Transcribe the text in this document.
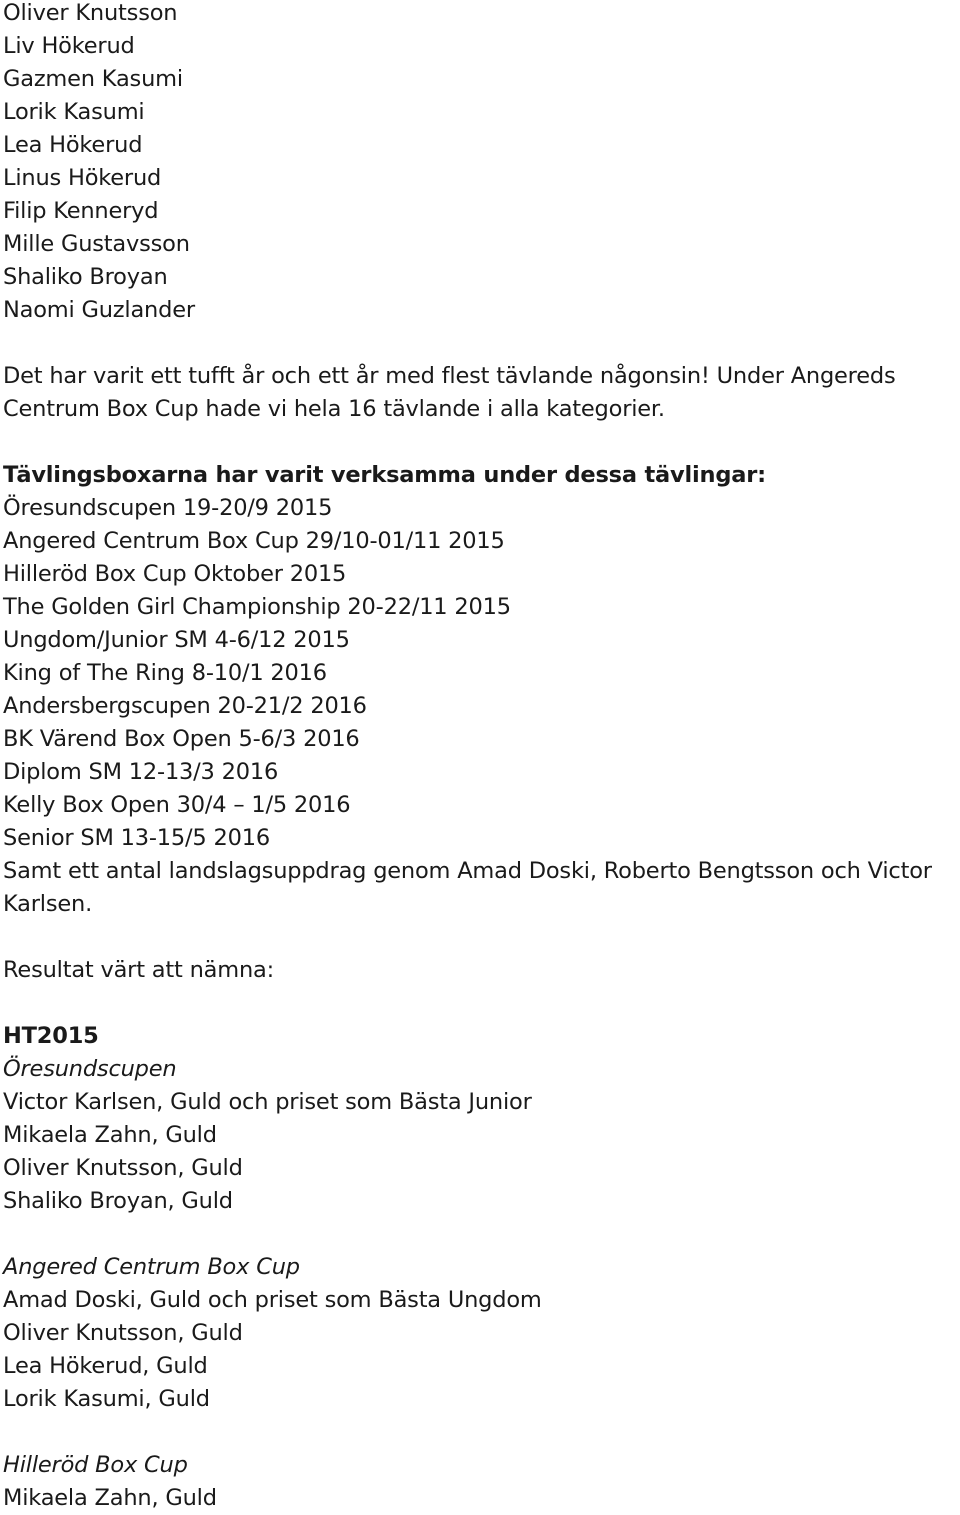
Oliver Knutsson
Liv Hökerud
Gazmen Kasumi
Lorik Kasumi
Lea Hökerud
Linus Hökerud
Filip Kenneryd
Mille Gustavsson
Shaliko Broyan
Naomi Guzlander
Det har varit ett tufft år och ett år med flest tävlande någonsin! Under Angereds
Centrum Box Cup hade vi hela 16 tävlande i alla kategorier.
Tävlingsboxarna har varit verksamma under dessa tävlingar:
Öresundscupen 19-20/9 2015
Angered Centrum Box Cup 29/10-01/11 2015
Hilleröd Box Cup Oktober 2015
The Golden Girl Championship 20-22/11 2015
Ungdom/Junior SM 4-6/12 2015
King of The Ring 8-10/1 2016
Andersbergscupen 20-21/2 2016
BK Värend Box Open 5-6/3 2016
Diplom SM 12-13/3 2016
Kelly Box Open 30/4 – 1/5 2016
Senior SM 13-15/5 2016
Samt ett antal landslagsuppdrag genom Amad Doski, Roberto Bengtsson och Victor
Karlsen.
Resultat värt att nämna:
HT2015
Öresundscupen
Victor Karlsen, Guld och priset som Bästa Junior
Mikaela Zahn, Guld
Oliver Knutsson, Guld
Shaliko Broyan, Guld
Angered Centrum Box Cup
Amad Doski, Guld och priset som Bästa Ungdom
Oliver Knutsson, Guld
Lea Hökerud, Guld
Lorik Kasumi, Guld
Hilleröd Box Cup
Mikaela Zahn, Guld
